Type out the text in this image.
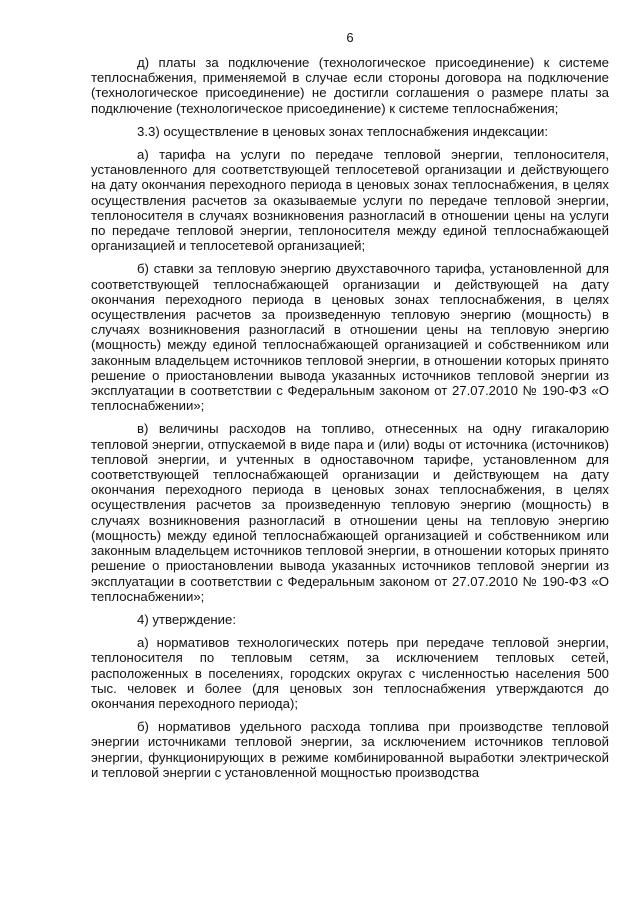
6

д) платы за подключение (технологическое присоединение) к системе теплоснабжения, применяемой в случае если стороны договора на подключение (технологическое присоединение) не достигли соглашения о размере платы за подключение (технологическое присоединение) к системе теплоснабжения;

3.3) осуществление в ценовых зонах теплоснабжения индексации:

а) тарифа на услуги по передаче тепловой энергии, теплоносителя, установленного для соответствующей теплосетевой организации и действующего на дату окончания переходного периода в ценовых зонах теплоснабжения, в целях осуществления расчетов за оказываемые услуги по передаче тепловой энергии, теплоносителя в случаях возникновения разногласий в отношении цены на услуги по передаче тепловой энергии, теплоносителя между единой теплоснабжающей организацией и теплосетевой организацией;

б) ставки за тепловую энергию двухставочного тарифа, установленной для соответствующей теплоснабжающей организации и действующей на дату окончания переходного периода в ценовых зонах теплоснабжения, в целях осуществления расчетов за произведенную тепловую энергию (мощность) в случаях возникновения разногласий в отношении цены на тепловую энергию (мощность) между единой теплоснабжающей организацией и собственником или законным владельцем источников тепловой энергии, в отношении которых принято решение о приостановлении вывода указанных источников тепловой энергии из эксплуатации в соответствии с Федеральным законом от 27.07.2010 № 190-ФЗ «О теплоснабжении»;

в) величины расходов на топливо, отнесенных на одну гигакалорию тепловой энергии, отпускаемой в виде пара и (или) воды от источника (источников) тепловой энергии, и учтенных в одноставочном тарифе, установленном для соответствующей теплоснабжающей организации и действующем на дату окончания переходного периода в ценовых зонах теплоснабжения, в целях осуществления расчетов за произведенную тепловую энергию (мощность) в случаях возникновения разногласий в отношении цены на тепловую энергию (мощность) между единой теплоснабжающей организацией и собственником или законным владельцем источников тепловой энергии, в отношении которых принято решение о приостановлении вывода указанных источников тепловой энергии из эксплуатации в соответствии с Федеральным законом от 27.07.2010 № 190-ФЗ «О теплоснабжении»;

4) утверждение:

а) нормативов технологических потерь при передаче тепловой энергии, теплоносителя по тепловым сетям, за исключением тепловых сетей, расположенных в поселениях, городских округах с численностью населения 500 тыс. человек и более (для ценовых зон теплоснабжения утверждаются до окончания переходного периода);

б) нормативов удельного расхода топлива при производстве тепловой энергии источниками тепловой энергии, за исключением источников тепловой энергии, функционирующих в режиме комбинированной выработки электрической и тепловой энергии с установленной мощностью производства
